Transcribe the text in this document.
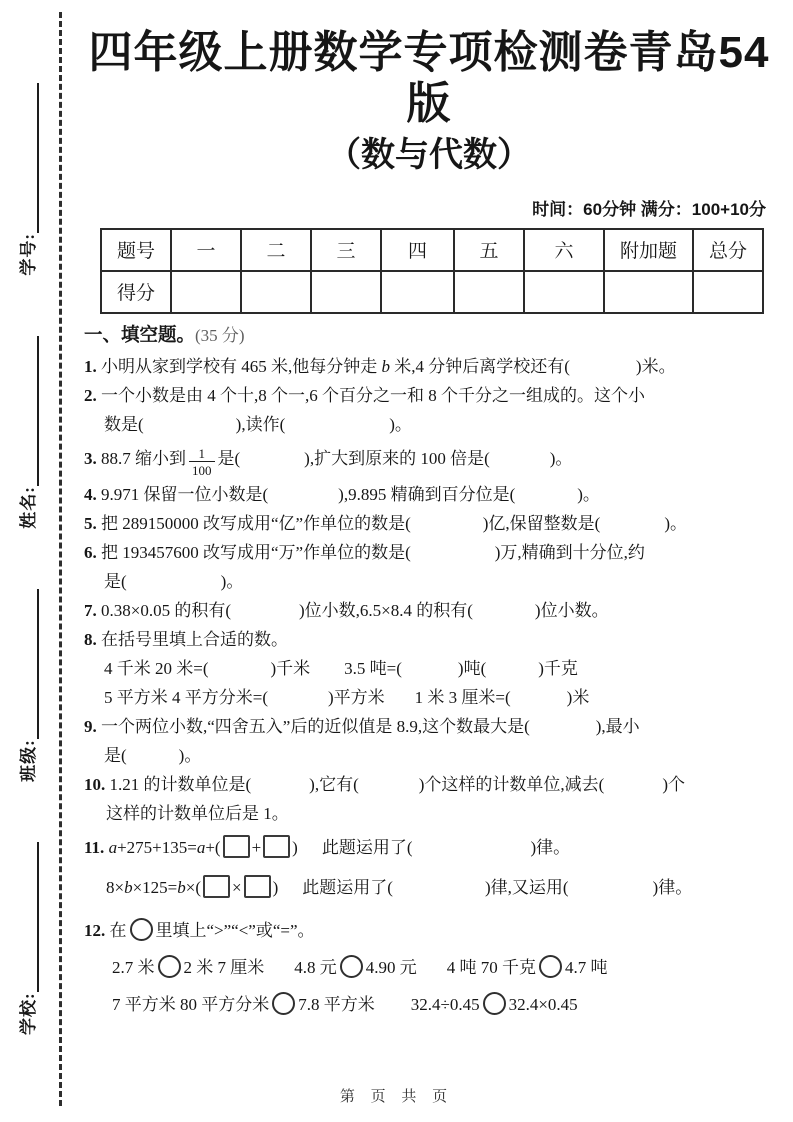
学校:
班级:
姓名:
学号:
四年级上册数学专项检测卷青岛54版
（数与代数）
时间：60分钟 满分：100+10分
题号	一	二	三	四	五	六	附加题	总分
得分								
一、填空题。(35 分)
1. 小明从家到学校有 465 米,他每分钟走 b 米,4 分钟后离学校还有(	)米。
2. 一个小数是由 4 个十,8 个一,6 个百分之一和 8 个千分之一组成的。这个小
数是(	),读作(	)。
3. 88.7 缩小到 $\frac{1}{100}$ 是(	),扩大到原来的 100 倍是(	)。
4. 9.971 保留一位小数是(	),9.895 精确到百分位是(	)。
5. 把 289150000 改写成用“亿”作单位的数是(	)亿,保留整数是(	)。
6. 把 193457600 改写成用“万”作单位的数是(	)万,精确到十分位,约
是(	)。
7. 0.38×0.05 的积有(	)位小数,6.5×8.4 的积有(	)位小数。
8. 在括号里填上合适的数。
4 千米 20 米=(	)千米 3.5 吨=(	)吨(	)千克
5 平方米 4 平方分米=(	)平方米 1 米 3 厘米=(	)米
9. 一个两位小数,“四舍五入”后的近似值是 8.9,这个数最大是(	),最小
是(	)。
10. 1.21 的计数单位是(	),它有(	)个这样的计数单位,减去(	)个
这样的计数单位后是 1。
11. a+275+135=a+( + ) 此题运用了(	)律。
8×b×125=b×( × ) 此题运用了(	)律,又运用(	)律。
12. 在 里填上“>”“<”或“=”。
2.7 米 2 米 7 厘米 4.8 元 4.90 元 4 吨 70 千克 4.7 吨
7 平方米 80 平方分米 7.8 平方米 32.4÷0.45 32.4×0.45
第 页 共 页
